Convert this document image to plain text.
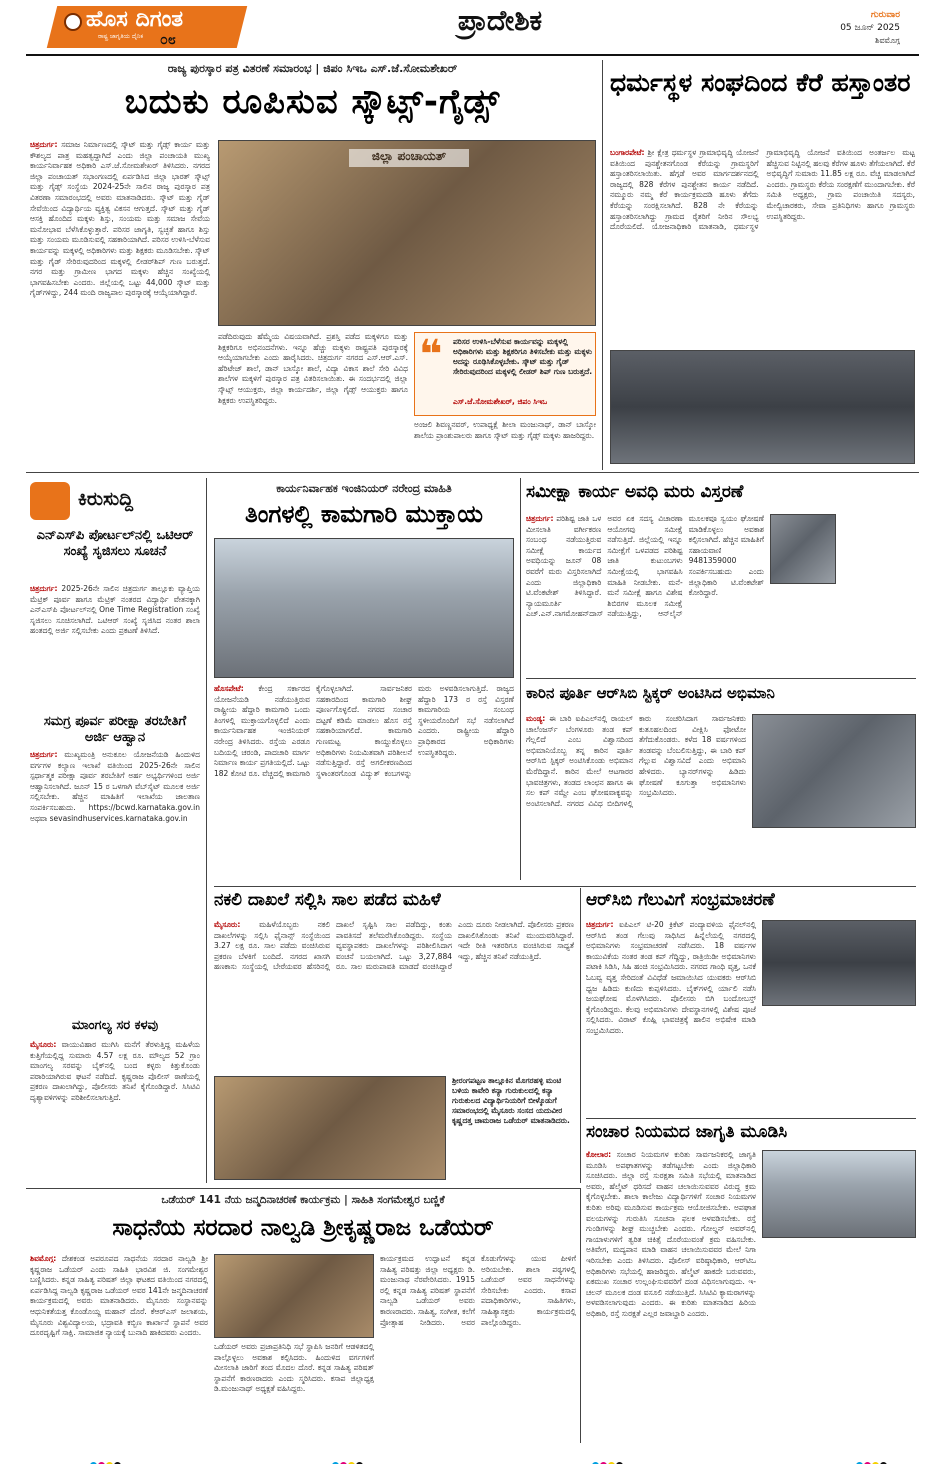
ಹೊಸ ದಿಗಂತ
ರಾಷ್ಟ್ರ ಜಾಗೃತಿಯ ದೈನಿಕ	೦೮
ಪ್ರಾದೇಶಿಕ	ಗುರುವಾರ
05 ಜೂನ್ 2025
ಶಿವಮೊಗ್ಗ
ರಾಜ್ಯ ಪುರಸ್ಕಾರ ಪತ್ರ ವಿತರಣೆ ಸಮಾರಂಭ | ಜಿಪಂ ಸಿಇಒ ಎಸ್.ಜೆ.ಸೋಮಶೇಖರ್
ಬದುಕು ರೂಪಿಸುವ ಸ್ಕೌಟ್ಸ್-ಗೈಡ್ಸ್
ಚಿತ್ರದುರ್ಗ: ಸಮಾಜ ನಿರ್ಮಾಣದಲ್ಲಿ ಸ್ಕೌಟ್ ಮತ್ತು ಗೈಡ್ಸ್ ಕಾರ್ಯ ಮತ್ತು ಕೌಶಲ್ಯದ ಪಾತ್ರ ಮಹತ್ವದ್ದಾಗಿದೆ ಎಂದು ಜಿಲ್ಲಾ ಪಂಚಾಯತಿ ಮುಖ್ಯ ಕಾರ್ಯನಿರ್ವಾಹಕ ಅಧಿಕಾರಿ ಎಸ್.ಜೆ.ಸೋಮಶೇಖರ್ ತಿಳಿಸಿದರು. ನಗರದ ಜಿಲ್ಲಾ ಪಂಚಾಯತ್ ಸಭಾಂಗಣದಲ್ಲಿ ಏರ್ಪಡಿಸಿದ ಜಿಲ್ಲಾ ಭಾರತ್ ಸ್ಕೌಟ್ಸ್ ಮತ್ತು ಗೈಡ್ಸ್ ಸಂಸ್ಥೆಯ 2024-25ನೇ ಸಾಲಿನ ರಾಜ್ಯ ಪುರಸ್ಕಾರ ಪತ್ರ ವಿತರಣಾ ಸಮಾರಂಭದಲ್ಲಿ ಅವರು ಮಾತನಾಡಿದರು. ಸ್ಕೌಟ್ ಮತ್ತು ಗೈಡ್ ಸೇವೆಯಿಂದ ವಿದ್ಯಾರ್ಥಿಯ ವ್ಯಕ್ತಿತ್ವ ವಿಕಸನ ಆಗುತ್ತದೆ. ಸ್ಕೌಟ್ ಮತ್ತು ಗೈಡ್ ಆಸಕ್ತಿ ಹೊಂದಿದ ಮಕ್ಕಳು ಶಿಸ್ತು, ಸಂಯಮ ಮತ್ತು ಸಮಾಜ ಸೇವೆಯ ಮನೋಭಾವ ಬೆಳೆಸಿಕೊಳ್ಳುತ್ತಾರೆ. ಪರಿಸರ ಜಾಗೃತಿ, ಸ್ವಚ್ಛತೆ ಹಾಗೂ ಶಿಸ್ತು ಮತ್ತು ಸಂಯಮ ಮೂಡಿಸುವಲ್ಲಿ ಸಹಕಾರಿಯಾಗಿದೆ. ಪರಿಸರ ಉಳಿಸಿ-ಬೆಳೆಸುವ ಕಾರ್ಯವನ್ನು ಮಕ್ಕಳಲ್ಲಿ ಅಧಿಕಾರಿಗಳು ಮತ್ತು ಶಿಕ್ಷಕರು ಮೂಡಿಸಬೇಕು. ಸ್ಕೌಟ್ ಮತ್ತು ಗೈಡ್ ಸೇರಿರುವುದರಿಂದ ಮಕ್ಕಳಲ್ಲಿ ಲೀಡರ್‌ಶಿಪ್ ಗುಣ ಬರುತ್ತದೆ. ನಗರ ಮತ್ತು ಗ್ರಾಮೀಣ ಭಾಗದ ಮಕ್ಕಳು ಹೆಚ್ಚಿನ ಸಂಖ್ಯೆಯಲ್ಲಿ ಭಾಗವಹಿಸಬೇಕು ಎಂದರು. ಜಿಲ್ಲೆಯಲ್ಲಿ ಒಟ್ಟು 44,000 ಸ್ಕೌಟ್ ಮತ್ತು ಗೈಡ್‌ಗಳಿದ್ದು, 244 ಮಂದಿ ರಾಜ್ಯಪಾಲ ಪುರಸ್ಕಾರಕ್ಕೆ ಆಯ್ಕೆಯಾಗಿದ್ದಾರೆ.
ಜಿಲ್ಲಾ ಪಂಚಾಯತ್
ಪಡೆದಿರುವುದು ಹೆಮ್ಮೆಯ ವಿಷಯವಾಗಿದೆ. ಪ್ರಶಸ್ತಿ ಪಡೆದ ಮಕ್ಕಳಿಗೂ ಮತ್ತು ಶಿಕ್ಷಕರಿಗೂ ಅಭಿನಂದನೆಗಳು. ಇನ್ನೂ ಹೆಚ್ಚು ಮಕ್ಕಳು ರಾಷ್ಟ್ರಪತಿ ಪುರಸ್ಕಾರಕ್ಕೆ ಆಯ್ಕೆಯಾಗಬೇಕು ಎಂದು ಹಾರೈಸಿದರು. ಚಿತ್ರದುರ್ಗ ನಗರದ ಎಸ್.ಆರ್.ಎಸ್. ಹೆರಿಟೇಜ್ ಶಾಲೆ, ಡಾನ್ ಬಾಸ್ಕೋ ಶಾಲೆ, ವಿದ್ಯಾ ವಿಕಾಸ ಶಾಲೆ ಸೇರಿ ವಿವಿಧ ಶಾಲೆಗಳ ಮಕ್ಕಳಿಗೆ ಪುರಸ್ಕಾರ ಪತ್ರ ವಿತರಿಸಲಾಯಿತು. ಈ ಸಂದರ್ಭದಲ್ಲಿ ಜಿಲ್ಲಾ ಸ್ಕೌಟ್ಸ್ ಆಯುಕ್ತರು, ಜಿಲ್ಲಾ ಕಾರ್ಯದರ್ಶಿ, ಜಿಲ್ಲಾ ಗೈಡ್ಸ್ ಆಯುಕ್ತರು ಹಾಗೂ ಶಿಕ್ಷಕರು ಉಪಸ್ಥಿತರಿದ್ದರು.
❝	ಪರಿಸರ ಉಳಿಸಿ-ಬೆಳೆಸುವ ಕಾರ್ಯವನ್ನು ಮಕ್ಕಳಲ್ಲಿ ಅಧಿಕಾರಿಗಳು ಮತ್ತು ಶಿಕ್ಷಕರಿಗೂ ತಿಳಿಸಬೇಕು ಮತ್ತು ಮಕ್ಕಳು ಅದನ್ನು ರೂಢಿಸಿಕೊಳ್ಳಬೇಕು. ಸ್ಕೌಟ್ ಮತ್ತು ಗೈಡ್ ಸೇರಿರುವುದರಿಂದ ಮಕ್ಕಳಲ್ಲಿ ಲೀಡರ್ ಶಿಪ್ ಗುಣ ಬರುತ್ತದೆ.
ಎಸ್.ಜೆ.ಸೋಮಶೇಖರ್, ಜಿಪಂ ಸಿಇಒ
ಅಂಜಲಿ ಶಿವಣ್ಣನವರ್, ಉಪಾಧ್ಯಕ್ಷೆ ಶೀಲಾ ಮಂಜುನಾಥ್, ಡಾನ್ ಬಾಸ್ಕೋ ಶಾಲೆಯ ಪ್ರಾಂಶುಪಾಲರು ಹಾಗೂ ಸ್ಕೌಟ್ ಮತ್ತು ಗೈಡ್ಸ್ ಮಕ್ಕಳು ಹಾಜರಿದ್ದರು.
ಧರ್ಮಸ್ಥಳ ಸಂಘದಿಂದ ಕೆರೆ ಹಸ್ತಾಂತರ
ಬಂಗಾರಪೇಟೆ: ಶ್ರೀ ಕ್ಷೇತ್ರ ಧರ್ಮಸ್ಥಳ ಗ್ರಾಮಾಭಿವೃದ್ಧಿ ಯೋಜನೆ ವತಿಯಿಂದ ಪುನಶ್ಚೇತನಗೊಂಡ ಕೆರೆಯನ್ನು ಗ್ರಾಮಸ್ಥರಿಗೆ ಹಸ್ತಾಂತರಿಸಲಾಯಿತು. ಹೆಗ್ಗಡೆ ಅವರ ಮಾರ್ಗದರ್ಶನದಲ್ಲಿ ರಾಜ್ಯದಲ್ಲಿ 828 ಕೆರೆಗಳ ಪುನಶ್ಚೇತನ ಕಾರ್ಯ ನಡೆದಿದೆ. ನಮ್ಮೂರು ನಮ್ಮ ಕೆರೆ ಕಾರ್ಯಕ್ರಮದಡಿ ಹೂಳು ತೆಗೆದು ಕೆರೆಯನ್ನು ಸಂರಕ್ಷಿಸಲಾಗಿದೆ. 828 ನೇ ಕೆರೆಯನ್ನು ಹಸ್ತಾಂತರಿಸಲಾಗಿದ್ದು ಗ್ರಾಮದ ರೈತರಿಗೆ ನೀರಿನ ಸೌಲಭ್ಯ ದೊರೆಯಲಿದೆ. ಯೋಜನಾಧಿಕಾರಿ ಮಾತನಾಡಿ, ಧರ್ಮಸ್ಥಳ ಗ್ರಾಮಾಭಿವೃದ್ಧಿ ಯೋಜನೆ ವತಿಯಿಂದ ಅಂತರ್ಜಲ ಮಟ್ಟ ಹೆಚ್ಚಿಸುವ ನಿಟ್ಟಿನಲ್ಲಿ ಹಲವು ಕೆರೆಗಳ ಹೂಳು ತೆಗೆಯಲಾಗಿದೆ. ಕೆರೆ ಅಭಿವೃದ್ಧಿಗೆ ಸುಮಾರು 11.85 ಲಕ್ಷ ರೂ. ವೆಚ್ಚ ಮಾಡಲಾಗಿದೆ ಎಂದರು. ಗ್ರಾಮಸ್ಥರು ಕೆರೆಯ ಸಂರಕ್ಷಣೆಗೆ ಮುಂದಾಗಬೇಕು. ಕೆರೆ ಸಮಿತಿ ಅಧ್ಯಕ್ಷರು, ಗ್ರಾಮ ಪಂಚಾಯಿತಿ ಸದಸ್ಯರು, ಮೇಲ್ವಿಚಾರಕರು, ಸೇವಾ ಪ್ರತಿನಿಧಿಗಳು ಹಾಗೂ ಗ್ರಾಮಸ್ಥರು ಉಪಸ್ಥಿತರಿದ್ದರು.
ಕಿರುಸುದ್ದಿ
ಎನ್‌ಎಸ್‌ಪಿ ಪೋರ್ಟಲ್‌ನಲ್ಲಿ ಒಟಿಆರ್ ಸಂಖ್ಯೆ ಸೃಜಿಸಲು ಸೂಚನೆ
ಚಿತ್ರದುರ್ಗ: 2025-26ನೇ ಸಾಲಿನ ಚಿತ್ರದುರ್ಗ ತಾಲ್ಲೂಕು ವ್ಯಾಪ್ತಿಯ ಮೆಟ್ರಿಕ್ ಪೂರ್ವ ಹಾಗೂ ಮೆಟ್ರಿಕ್ ನಂತರದ ವಿದ್ಯಾರ್ಥಿ ವೇತನಕ್ಕಾಗಿ ಎನ್‌ಎಸ್‌ಪಿ ಪೋರ್ಟಲ್‌ನಲ್ಲಿ One Time Registration ಸಂಖ್ಯೆ ಸೃಜಿಸಲು ಸೂಚಿಸಲಾಗಿದೆ. ಒಟಿಆರ್ ಸಂಖ್ಯೆ ಸೃಜಿಸಿದ ನಂತರ ಶಾಲಾ ಹಂತದಲ್ಲಿ ಅರ್ಜಿ ಸಲ್ಲಿಸಬೇಕು ಎಂದು ಪ್ರಕಟಣೆ ತಿಳಿಸಿದೆ.
ಸಮಗ್ರ ಪೂರ್ವ ಪರೀಕ್ಷಾ ತರಬೇತಿಗೆ ಅರ್ಜಿ ಆಹ್ವಾನ
ಚಿತ್ರದುರ್ಗ: ಮುಖ್ಯಮಂತ್ರಿ ಅನುಕೂಲ ಯೋಜನೆಯಡಿ ಹಿಂದುಳಿದ ವರ್ಗಗಳ ಕಲ್ಯಾಣ ಇಲಾಖೆ ವತಿಯಿಂದ 2025-26ನೇ ಸಾಲಿನ ಸ್ಪರ್ಧಾತ್ಮಕ ಪರೀಕ್ಷಾ ಪೂರ್ವ ತರಬೇತಿಗೆ ಅರ್ಹ ಅಭ್ಯರ್ಥಿಗಳಿಂದ ಅರ್ಜಿ ಆಹ್ವಾನಿಸಲಾಗಿದೆ. ಜೂನ್ 15 ರ ಒಳಗಾಗಿ ವೆಬ್‌ಸೈಟ್ ಮೂಲಕ ಅರ್ಜಿ ಸಲ್ಲಿಸಬೇಕು. ಹೆಚ್ಚಿನ ಮಾಹಿತಿಗೆ ಇಲಾಖೆಯ ಜಾಲತಾಣ ಸಂಪರ್ಕಿಸಬಹುದು. https://bcwd.karnataka.gov.in ಅಥವಾ sevasindhuservices.karnataka.gov.in
ಮಾಂಗಲ್ಯ ಸರ ಕಳವು
ಮೈಸೂರು: ವಾಯುವಿಹಾರ ಮುಗಿಸಿ ಮನೆಗೆ ತೆರಳುತ್ತಿದ್ದ ಮಹಿಳೆಯ ಕುತ್ತಿಗೆಯಲ್ಲಿದ್ದ ಸುಮಾರು 4.57 ಲಕ್ಷ ರೂ. ಮೌಲ್ಯದ 52 ಗ್ರಾಂ ಮಾಂಗಲ್ಯ ಸರವನ್ನು ಬೈಕ್‌ನಲ್ಲಿ ಬಂದ ಕಳ್ಳರು ಕಿತ್ತುಕೊಂಡು ಪರಾರಿಯಾಗಿರುವ ಘಟನೆ ನಡೆದಿದೆ. ಕೃಷ್ಣರಾಜ ಪೊಲೀಸ್ ಠಾಣೆಯಲ್ಲಿ ಪ್ರಕರಣ ದಾಖಲಾಗಿದ್ದು, ಪೊಲೀಸರು ತನಿಖೆ ಕೈಗೊಂಡಿದ್ದಾರೆ. ಸಿಸಿಟಿವಿ ದೃಶ್ಯಾವಳಿಗಳನ್ನು ಪರಿಶೀಲಿಸಲಾಗುತ್ತಿದೆ.
ಕಾರ್ಯನಿರ್ವಾಹಕ ಇಂಜಿನಿಯರ್ ನರೇಂದ್ರ ಮಾಹಿತಿ
ತಿಂಗಳಲ್ಲಿ ಕಾಮಗಾರಿ ಮುಕ್ತಾಯ
ಹೊಸಪೇಟೆ: ಕೇಂದ್ರ ಸರ್ಕಾರದ ಯೋಜನೆಯಡಿ ನಡೆಯುತ್ತಿರುವ ರಾಷ್ಟ್ರೀಯ ಹೆದ್ದಾರಿ ಕಾಮಗಾರಿ ಒಂದು ತಿಂಗಳಲ್ಲಿ ಮುಕ್ತಾಯಗೊಳ್ಳಲಿದೆ ಎಂದು ಕಾರ್ಯನಿರ್ವಾಹಕ ಇಂಜಿನಿಯರ್ ನರೇಂದ್ರ ತಿಳಿಸಿದರು. ರಸ್ತೆಯ ಎರಡೂ ಬದಿಯಲ್ಲಿ ಚರಂಡಿ, ಪಾದಚಾರಿ ಮಾರ್ಗ ನಿರ್ಮಾಣ ಕಾರ್ಯ ಪ್ರಗತಿಯಲ್ಲಿದೆ. ಒಟ್ಟು 182 ಕೋಟಿ ರೂ. ವೆಚ್ಚದಲ್ಲಿ ಕಾಮಗಾರಿ ಕೈಗೊಳ್ಳಲಾಗಿದೆ. ಸಾರ್ವಜನಿಕರ ಸಹಕಾರದಿಂದ ಕಾಮಗಾರಿ ಶೀಘ್ರ ಪೂರ್ಣಗೊಳ್ಳಲಿದೆ. ನಗರದ ಸಂಚಾರ ದಟ್ಟಣೆ ಕಡಿಮೆ ಮಾಡಲು ಹೊಸ ರಸ್ತೆ ಸಹಕಾರಿಯಾಗಲಿದೆ. ಕಾಮಗಾರಿ ಗುಣಮಟ್ಟ ಕಾಯ್ದುಕೊಳ್ಳಲು ಅಧಿಕಾರಿಗಳು ನಿಯಮಿತವಾಗಿ ಪರಿಶೀಲನೆ ನಡೆಸುತ್ತಿದ್ದಾರೆ. ರಸ್ತೆ ಅಗಲೀಕರಣದಿಂದ ಸ್ಥಳಾಂತರಗೊಂಡ ವಿದ್ಯುತ್ ಕಂಬಗಳನ್ನು ಮರು ಅಳವಡಿಸಲಾಗುತ್ತಿದೆ. ರಾಜ್ಯದ ಹೆದ್ದಾರಿ 173 ರ ರಸ್ತೆ ವಿಸ್ತರಣೆ ಕಾಮಗಾರಿಯ ಸಂಬಂಧ ಸ್ಥಳೀಯರೊಂದಿಗೆ ಸಭೆ ನಡೆಸಲಾಗಿದೆ ಎಂದರು. ರಾಷ್ಟ್ರೀಯ ಹೆದ್ದಾರಿ ಪ್ರಾಧಿಕಾರದ ಅಧಿಕಾರಿಗಳು ಉಪಸ್ಥಿತರಿದ್ದರು.
ಸಮೀಕ್ಷಾ ಕಾರ್ಯ ಅವಧಿ ಮರು ವಿಸ್ತರಣೆ
ಚಿತ್ರದುರ್ಗ: ಪರಿಶಿಷ್ಟ ಜಾತಿ ಒಳ ಮೀಸಲಾತಿ ವರ್ಗೀಕರಣ ಸಂಬಂಧ ನಡೆಯುತ್ತಿರುವ ಸಮೀಕ್ಷೆ ಕಾರ್ಯದ ಅವಧಿಯನ್ನು ಜೂನ್ 08 ರವರೆಗೆ ಮರು ವಿಸ್ತರಿಸಲಾಗಿದೆ ಎಂದು ಜಿಲ್ಲಾಧಿಕಾರಿ ಟಿ.ವೆಂಕಟೇಶ್ ತಿಳಿಸಿದ್ದಾರೆ. ನ್ಯಾಯಮೂರ್ತಿ ಎಚ್.ಎನ್.ನಾಗಮೋಹನ್‌ದಾಸ್ ಅವರ ಏಕ ಸದಸ್ಯ ವಿಚಾರಣಾ ಆಯೋಗವು ಸಮೀಕ್ಷೆ ನಡೆಸುತ್ತಿದೆ. ಜಿಲ್ಲೆಯಲ್ಲಿ ಇನ್ನೂ ಸಮೀಕ್ಷೆಗೆ ಒಳಪಡದ ಪರಿಶಿಷ್ಟ ಜಾತಿ ಕುಟುಂಬಗಳು ಸಮೀಕ್ಷೆಯಲ್ಲಿ ಭಾಗವಹಿಸಿ ಮಾಹಿತಿ ನೀಡಬೇಕು. ಮನೆ-ಮನೆ ಸಮೀಕ್ಷೆ ಹಾಗೂ ವಿಶೇಷ ಶಿಬಿರಗಳ ಮೂಲಕ ಸಮೀಕ್ಷೆ ನಡೆಯುತ್ತಿದ್ದು, ಆನ್‌ಲೈನ್ ಮೂಲಕವೂ ಸ್ವಯಂ ಘೋಷಣೆ ಮಾಡಿಕೊಳ್ಳಲು ಅವಕಾಶ ಕಲ್ಪಿಸಲಾಗಿದೆ. ಹೆಚ್ಚಿನ ಮಾಹಿತಿಗೆ ಸಹಾಯವಾಣಿ 9481359000 ಸಂಪರ್ಕಿಸಬಹುದು ಎಂದು ಜಿಲ್ಲಾಧಿಕಾರಿ ಟಿ.ವೆಂಕಟೇಶ್ ಕೋರಿದ್ದಾರೆ.
ಕಾರಿನ ಪೂರ್ತಿ ಆರ್‌ಸಿಬಿ ಸ್ಟಿಕ್ಕರ್ ಅಂಟಿಸಿದ ಅಭಿಮಾನಿ
ಮಂಡ್ಯ: ಈ ಬಾರಿ ಐಪಿಎಲ್‌ನಲ್ಲಿ ರಾಯಲ್ ಚಾಲೆಂಜರ್ಸ್ ಬೆಂಗಳೂರು ತಂಡ ಕಪ್ ಗೆಲ್ಲಲಿದೆ ಎಂಬ ವಿಶ್ವಾಸದಿಂದ ಅಭಿಮಾನಿಯೊಬ್ಬ ತನ್ನ ಕಾರಿನ ಪೂರ್ತಿ ಆರ್‌ಸಿಬಿ ಸ್ಟಿಕ್ಕರ್ ಅಂಟಿಸಿಕೊಂಡು ಅಭಿಮಾನ ಮೆರೆದಿದ್ದಾನೆ. ಕಾರಿನ ಮೇಲೆ ಆಟಗಾರರ ಭಾವಚಿತ್ರಗಳು, ತಂಡದ ಲಾಂಛನ ಹಾಗೂ ಈ ಸಲ ಕಪ್ ನಮ್ದೇ ಎಂಬ ಘೋಷವಾಕ್ಯವನ್ನು ಅಂಟಿಸಲಾಗಿದೆ. ನಗರದ ವಿವಿಧ ಬೀದಿಗಳಲ್ಲಿ ಕಾರು ಸಂಚರಿಸಿದಾಗ ಸಾರ್ವಜನಿಕರು ಕುತೂಹಲದಿಂದ ವೀಕ್ಷಿಸಿ ಫೋಟೋ ತೆಗೆದುಕೊಂಡರು. ಕಳೆದ 18 ವರ್ಷಗಳಿಂದ ತಂಡವನ್ನು ಬೆಂಬಲಿಸುತ್ತಿದ್ದು, ಈ ಬಾರಿ ಕಪ್ ಗೆಲ್ಲುವ ವಿಶ್ವಾಸವಿದೆ ಎಂದು ಅಭಿಮಾನಿ ಹೇಳಿದರು. ಬ್ಯಾನರ್‌ಗಳನ್ನು ಹಿಡಿದು ಘೋಷಣೆ ಕೂಗುತ್ತಾ ಅಭಿಮಾನಿಗಳು ಸಂಭ್ರಮಿಸಿದರು.
ನಕಲಿ ದಾಖಲೆ ಸಲ್ಲಿಸಿ ಸಾಲ ಪಡೆದ ಮಹಿಳೆ
ಮೈಸೂರು:	ಮಹಿಳೆಯೊಬ್ಬರು ನಕಲಿ ದಾಖಲೆಗಳನ್ನು ಸಲ್ಲಿಸಿ ಫೈನಾನ್ಸ್ ಸಂಸ್ಥೆಯಿಂದ 3.27 ಲಕ್ಷ ರೂ. ಸಾಲ ಪಡೆದು ವಂಚಿಸಿರುವ ಪ್ರಕರಣ ಬೆಳಕಿಗೆ ಬಂದಿದೆ. ನಗರದ ಖಾಸಗಿ ಹಣಕಾಸು ಸಂಸ್ಥೆಯಲ್ಲಿ ಬೇರೆಯವರ ಹೆಸರಿನಲ್ಲಿ ದಾಖಲೆ ಸೃಷ್ಟಿಸಿ ಸಾಲ ಪಡೆದಿದ್ದು, ಕಂತು ಪಾವತಿಸದೆ ತಲೆಮರೆಸಿಕೊಂಡಿದ್ದರು. ಸಂಸ್ಥೆಯ ವ್ಯವಸ್ಥಾಪಕರು ದಾಖಲೆಗಳನ್ನು ಪರಿಶೀಲಿಸಿದಾಗ ವಂಚನೆ ಬಯಲಾಗಿದೆ. ಒಟ್ಟು 3,27,884 ರೂ. ಸಾಲ ಮರುಪಾವತಿ ಮಾಡದೆ ವಂಚಿಸಿದ್ದಾರೆ ಎಂದು ದೂರು ನೀಡಲಾಗಿದೆ. ಪೊಲೀಸರು ಪ್ರಕರಣ ದಾಖಲಿಸಿಕೊಂಡು ತನಿಖೆ ಮುಂದುವರಿಸಿದ್ದಾರೆ. ಇದೇ ರೀತಿ ಇತರರಿಗೂ ವಂಚಿಸಿರುವ ಸಾಧ್ಯತೆ ಇದ್ದು, ಹೆಚ್ಚಿನ ತನಿಖೆ ನಡೆಯುತ್ತಿದೆ.
ಶ್ರೀರಂಗಪಟ್ಟಣ ತಾಲ್ಲೂಕಿನ ಮೊಗರಹಳ್ಳಿ ಮಂಟಿ ಬಳಿಯ ಕಾವೇರಿ ಕನ್ಯಾ ಗುರುಕುಲದಲ್ಲಿ ಕನ್ಯಾ ಗುರುಕುಲದ ವಿದ್ಯಾರ್ಥಿನಿಯರಿಗೆ ಬೀಳ್ಕೊಡುಗೆ ಸಮಾರಂಭದಲ್ಲಿ ಮೈಸೂರು ಸಂಸದ ಯದುವೀರ ಕೃಷ್ಣದತ್ತ ಚಾಮರಾಜ ಒಡೆಯರ್ ಮಾತನಾಡಿದರು.
ಆರ್‌ಸಿಬಿ ಗೆಲುವಿಗೆ ಸಂಭ್ರಮಾಚರಣೆ
ಚಿತ್ರದುರ್ಗ: ಐಪಿಎಲ್ ಟಿ-20 ಕ್ರಿಕೆಟ್ ಪಂದ್ಯಾವಳಿಯ ಫೈನಲ್‌ನಲ್ಲಿ ಆರ್‌ಸಿಬಿ ತಂಡ ಗೆಲುವು ಸಾಧಿಸಿದ ಹಿನ್ನೆಲೆಯಲ್ಲಿ ನಗರದಲ್ಲಿ ಅಭಿಮಾನಿಗಳು ಸಂಭ್ರಮಾಚರಣೆ ನಡೆಸಿದರು. 18 ವರ್ಷಗಳ ಕಾಯುವಿಕೆಯ ನಂತರ ತಂಡ ಕಪ್ ಗೆದ್ದಿದ್ದು, ರಾತ್ರಿಯಿಡೀ ಅಭಿಮಾನಿಗಳು ಪಟಾಕಿ ಸಿಡಿಸಿ, ಸಿಹಿ ಹಂಚಿ ಸಂಭ್ರಮಿಸಿದರು. ನಗರದ ಗಾಂಧಿ ವೃತ್ತ, ಒನಕೆ ಓಬವ್ವ ವೃತ್ತ ಸೇರಿದಂತೆ ವಿವಿಧೆಡೆ ಜಮಾಯಿಸಿದ ಯುವಕರು ಆರ್‌ಸಿಬಿ ಧ್ವಜ ಹಿಡಿದು ಕುಣಿದು ಕುಪ್ಪಳಿಸಿದರು. ಬೈಕ್‌ಗಳಲ್ಲಿ ರ್ಯಾಲಿ ನಡೆಸಿ ಜಯಘೋಷ ಮೊಳಗಿಸಿದರು. ಪೊಲೀಸರು ಬಿಗಿ ಬಂದೋಬಸ್ತ್ ಕೈಗೊಂಡಿದ್ದರು. ಕೆಲವು ಅಭಿಮಾನಿಗಳು ದೇವಸ್ಥಾನಗಳಲ್ಲಿ ವಿಶೇಷ ಪೂಜೆ ಸಲ್ಲಿಸಿದರು. ವಿರಾಟ್ ಕೊಹ್ಲಿ ಭಾವಚಿತ್ರಕ್ಕೆ ಹಾಲಿನ ಅಭಿಷೇಕ ಮಾಡಿ ಸಂಭ್ರಮಿಸಿದರು.
ಸಂಚಾರ ನಿಯಮದ ಜಾಗೃತಿ ಮೂಡಿಸಿ
ಕೋಲಾರ: ಸಂಚಾರ ನಿಯಮಗಳ ಕುರಿತು ಸಾರ್ವಜನಿಕರಲ್ಲಿ ಜಾಗೃತಿ ಮೂಡಿಸಿ ಅಪಘಾತಗಳನ್ನು ತಡೆಗಟ್ಟಬೇಕು ಎಂದು ಜಿಲ್ಲಾಧಿಕಾರಿ ಸೂಚಿಸಿದರು. ಜಿಲ್ಲಾ ರಸ್ತೆ ಸುರಕ್ಷತಾ ಸಮಿತಿ ಸಭೆಯಲ್ಲಿ ಮಾತನಾಡಿದ ಅವರು, ಹೆಲ್ಮೆಟ್ ಧರಿಸದೆ ವಾಹನ ಚಲಾಯಿಸುವವರ ವಿರುದ್ಧ ಕ್ರಮ ಕೈಗೊಳ್ಳಬೇಕು. ಶಾಲಾ ಕಾಲೇಜು ವಿದ್ಯಾರ್ಥಿಗಳಿಗೆ ಸಂಚಾರ ನಿಯಮಗಳ ಕುರಿತು ಅರಿವು ಮೂಡಿಸುವ ಕಾರ್ಯಕ್ರಮ ಆಯೋಜಿಸಬೇಕು. ಅಪಘಾತ ವಲಯಗಳನ್ನು ಗುರುತಿಸಿ ಸೂಚನಾ ಫಲಕ ಅಳವಡಿಸಬೇಕು. ರಸ್ತೆ ಗುಂಡಿಗಳನ್ನು ಶೀಘ್ರ ಮುಚ್ಚಬೇಕು ಎಂದರು. ಗೋಲ್ಡನ್ ಅವರ್‌ನಲ್ಲಿ ಗಾಯಾಳುಗಳಿಗೆ ತ್ವರಿತ ಚಿಕಿತ್ಸೆ ದೊರೆಯುವಂತೆ ಕ್ರಮ ವಹಿಸಬೇಕು. ಅತಿವೇಗ, ಮದ್ಯಪಾನ ಮಾಡಿ ವಾಹನ ಚಲಾಯಿಸುವವರ ಮೇಲೆ ನಿಗಾ ಇರಿಸಬೇಕು ಎಂದು ತಿಳಿಸಿದರು. ಪೊಲೀಸ್ ವರಿಷ್ಠಾಧಿಕಾರಿ, ಆರ್‌ಟಿಒ ಅಧಿಕಾರಿಗಳು ಸಭೆಯಲ್ಲಿ ಹಾಜರಿದ್ದರು. ಹೆಲ್ಮೆಟ್ ಹಾಕದೇ ಬರುವವರು, ಏಕಮುಖ ಸಂಚಾರ ಉಲ್ಲಂಘಿಸುವವರಿಗೆ ದಂಡ ವಿಧಿಸಲಾಗುವುದು. ಇ-ಚಲನ್ ಮೂಲಕ ದಂಡ ವಸೂಲಿ ನಡೆಯುತ್ತಿದೆ. ಸಿಸಿಟಿವಿ ಕ್ಯಾಮರಾಗಳನ್ನು ಅಳವಡಿಸಲಾಗುವುದು ಎಂದರು. ಈ ಕುರಿತು ಮಾತನಾಡಿದ ಹಿರಿಯ ಅಧಿಕಾರಿ, ರಸ್ತೆ ಸುರಕ್ಷತೆ ಎಲ್ಲರ ಜವಾಬ್ದಾರಿ ಎಂದರು.
ಒಡೆಯರ್ 141 ನೆಯ ಜನ್ಮದಿನಾಚರಣೆ ಕಾರ್ಯಕ್ರಮ | ಸಾಹಿತಿ ಸಂಗಮೇಶ್ವರ ಬಣ್ಣಿಕೆ
ಸಾಧನೆಯ ಸರದಾರ ನಾಲ್ವಡಿ ಶ್ರೀಕೃಷ್ಣರಾಜ ಒಡೆಯರ್
ಶಿವಮೊಗ್ಗ: ದೇಶಕಂಡ ಅಪರೂಪದ ಸಾಧನೆಯ ಸರದಾರ ನಾಲ್ವಡಿ ಶ್ರೀ ಕೃಷ್ಣರಾಜ ಒಡೆಯರ್ ಎಂದು ಸಾಹಿತಿ ಭಾರವಿಶ ಜಿ. ಸಂಗಮೇಶ್ವರ ಬಣ್ಣಿಸಿದರು. ಕನ್ನಡ ಸಾಹಿತ್ಯ ಪರಿಷತ್ ಜಿಲ್ಲಾ ಘಟಕದ ವತಿಯಿಂದ ನಗರದಲ್ಲಿ ಏರ್ಪಡಿಸಿದ್ದ ನಾಲ್ವಡಿ ಕೃಷ್ಣರಾಜ ಒಡೆಯರ್ ಅವರ 141ನೇ ಜನ್ಮದಿನಾಚರಣೆ ಕಾರ್ಯಕ್ರಮದಲ್ಲಿ ಅವರು ಮಾತನಾಡಿದರು. ಮೈಸೂರು ಸಂಸ್ಥಾನವನ್ನು ಆಧುನಿಕತೆಯತ್ತ ಕೊಂಡೊಯ್ದ ಮಹಾನ್ ದೊರೆ. ಕೆಆರ್‌ಎಸ್ ಜಲಾಶಯ, ಮೈಸೂರು ವಿಶ್ವವಿದ್ಯಾಲಯ, ಭದ್ರಾವತಿ ಕಬ್ಬಿಣ ಕಾರ್ಖಾನೆ ಸ್ಥಾಪನೆ ಅವರ ದೂರದೃಷ್ಟಿಗೆ ಸಾಕ್ಷಿ. ಸಾಮಾಜಿಕ ನ್ಯಾಯಕ್ಕೆ ಬುನಾದಿ ಹಾಕಿದವರು ಎಂದರು.
ಒಡೆಯರ್ ಅವರು ಪ್ರಜಾಪ್ರತಿನಿಧಿ ಸಭೆ ಸ್ಥಾಪಿಸಿ ಜನರಿಗೆ ಆಡಳಿತದಲ್ಲಿ ಪಾಲ್ಗೊಳ್ಳಲು ಅವಕಾಶ ಕಲ್ಪಿಸಿದರು. ಹಿಂದುಳಿದ ವರ್ಗಗಳಿಗೆ ಮೀಸಲಾತಿ ಜಾರಿಗೆ ತಂದ ಮೊದಲ ದೊರೆ. ಕನ್ನಡ ಸಾಹಿತ್ಯ ಪರಿಷತ್ ಸ್ಥಾಪನೆಗೆ ಕಾರಣರಾದರು ಎಂದು ಸ್ಮರಿಸಿದರು. ಕಸಾಪ ಜಿಲ್ಲಾಧ್ಯಕ್ಷ ಡಿ.ಮಂಜುನಾಥ್ ಅಧ್ಯಕ್ಷತೆ ವಹಿಸಿದ್ದರು.
ಕಾರ್ಯಕ್ರಮದ ಉದ್ಘಾಟನೆ ಕನ್ನಡ ಸಾಹಿತ್ಯ ಪರಿಷತ್ತು ಜಿಲ್ಲಾ ಅಧ್ಯಕ್ಷರು ಡಿ. ಮಂಜುನಾಥ ನೆರವೇರಿಸಿದರು. 1915 ರಲ್ಲಿ ಕನ್ನಡ ಸಾಹಿತ್ಯ ಪರಿಷತ್ ಸ್ಥಾಪನೆಗೆ ನಾಲ್ವಡಿ ಒಡೆಯರ್ ಅವರು ಕಾರಣರಾದರು. ಸಾಹಿತ್ಯ, ಸಂಗೀತ, ಕಲೆಗೆ ಪ್ರೋತ್ಸಾಹ ನೀಡಿದರು. ಅವರ ಕೊಡುಗೆಗಳನ್ನು ಯುವ ಪೀಳಿಗೆ ಅರಿಯಬೇಕು. ಶಾಲಾ ಪಠ್ಯಗಳಲ್ಲಿ ಒಡೆಯರ್ ಅವರ ಸಾಧನೆಗಳನ್ನು ಸೇರಿಸಬೇಕು ಎಂದರು. ಕಸಾಪ ಪದಾಧಿಕಾರಿಗಳು, ಸಾಹಿತಿಗಳು, ಸಾಹಿತ್ಯಾಸಕ್ತರು ಕಾರ್ಯಕ್ರಮದಲ್ಲಿ ಪಾಲ್ಗೊಂಡಿದ್ದರು.
